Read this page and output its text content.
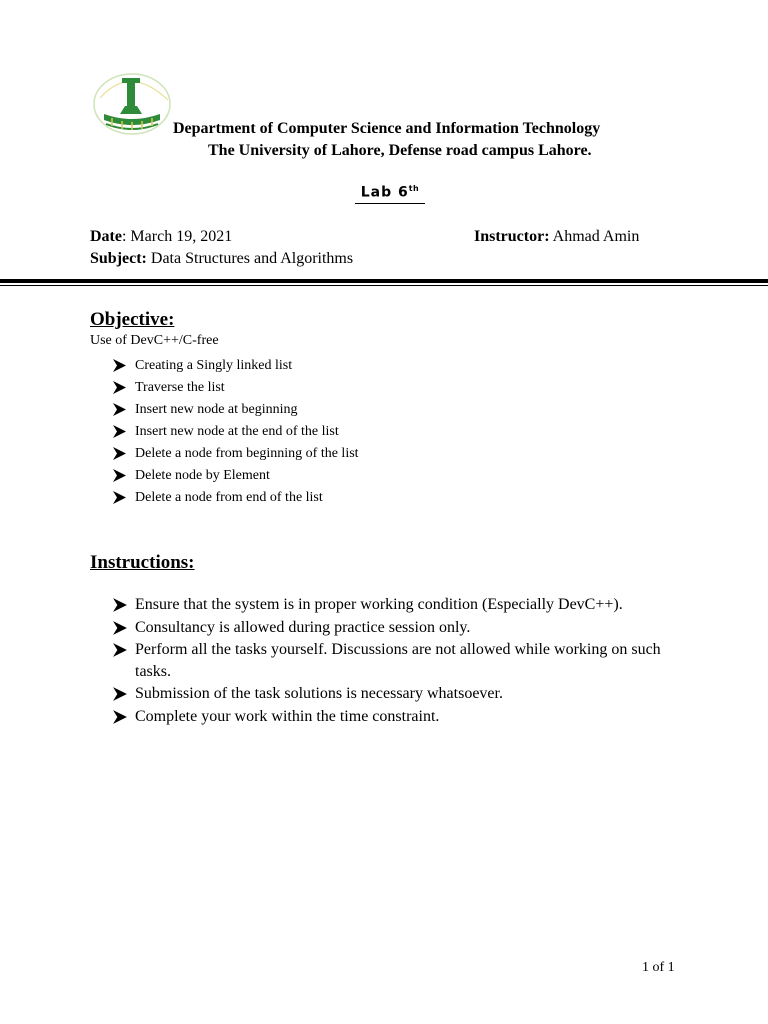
Department of Computer Science and Information Technology
The University of Lahore, Defense road campus Lahore.
Lab 6th
Date: March 19, 2021	Instructor: Ahmad Amin
Subject: Data Structures and Algorithms
Objective:
Use of DevC++/C-free
Creating a Singly linked list
Traverse the list
Insert new node at beginning
Insert new node at the end of the list
Delete a node from beginning of the list
Delete node by Element
Delete a node from end of the list
Instructions:
Ensure that the system is in proper working condition (Especially DevC++).
Consultancy is allowed during practice session only.
Perform all the tasks yourself. Discussions are not allowed while working on such tasks.
Submission of the task solutions is necessary whatsoever.
Complete your work within the time constraint.
1 of 1
